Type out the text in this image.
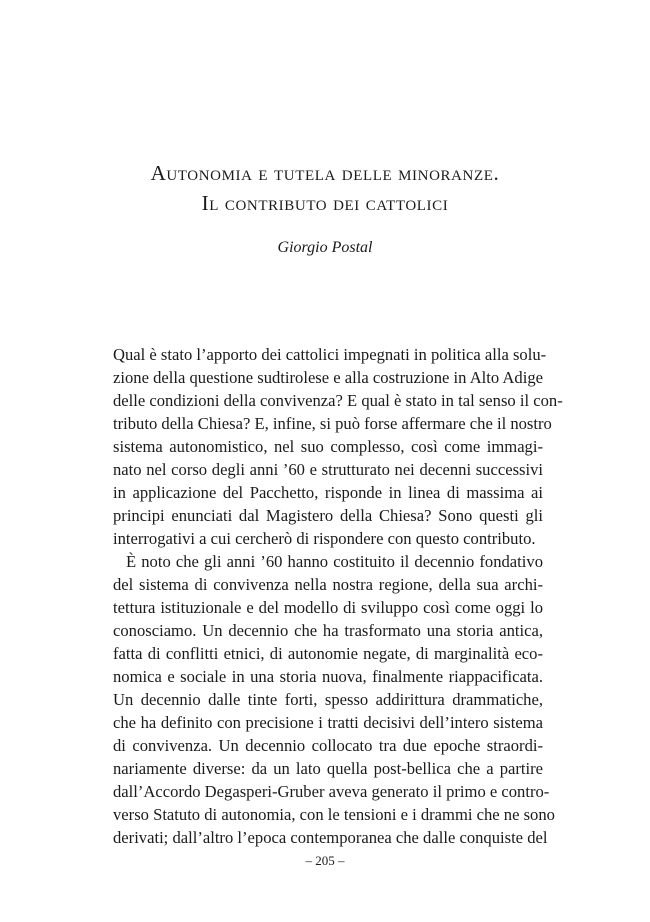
Autonomia e tutela delle minoranze.
Il contributo dei cattolici
Giorgio Postal
Qual è stato l’apporto dei cattolici impegnati in politica alla solu-
zione della questione sudtirolese e alla costruzione in Alto Adige
delle condizioni della convivenza? E qual è stato in tal senso il con-
tributo della Chiesa? E, infine, si può forse affermare che il nostro
sistema autonomistico, nel suo complesso, così come immagi-
nato nel corso degli anni ’60 e strutturato nei decenni successivi
in applicazione del Pacchetto, risponde in linea di massima ai
principi enunciati dal Magistero della Chiesa? Sono questi gli
interrogativi a cui cercherò di rispondere con questo contributo.
È noto che gli anni ’60 hanno costituito il decennio fondativo
del sistema di convivenza nella nostra regione, della sua archi-
tettura istituzionale e del modello di sviluppo così come oggi lo
conosciamo. Un decennio che ha trasformato una storia antica,
fatta di conflitti etnici, di autonomie negate, di marginalità eco-
nomica e sociale in una storia nuova, finalmente riappacificata.
Un decennio dalle tinte forti, spesso addirittura drammatiche,
che ha definito con precisione i tratti decisivi dell’intero sistema
di convivenza. Un decennio collocato tra due epoche straordi-
nariamente diverse: da un lato quella post-bellica che a partire
dall’Accordo Degasperi-Gruber aveva generato il primo e contro-
verso Statuto di autonomia, con le tensioni e i drammi che ne sono
derivati; dall’altro l’epoca contemporanea che dalle conquiste del
– 205 –
